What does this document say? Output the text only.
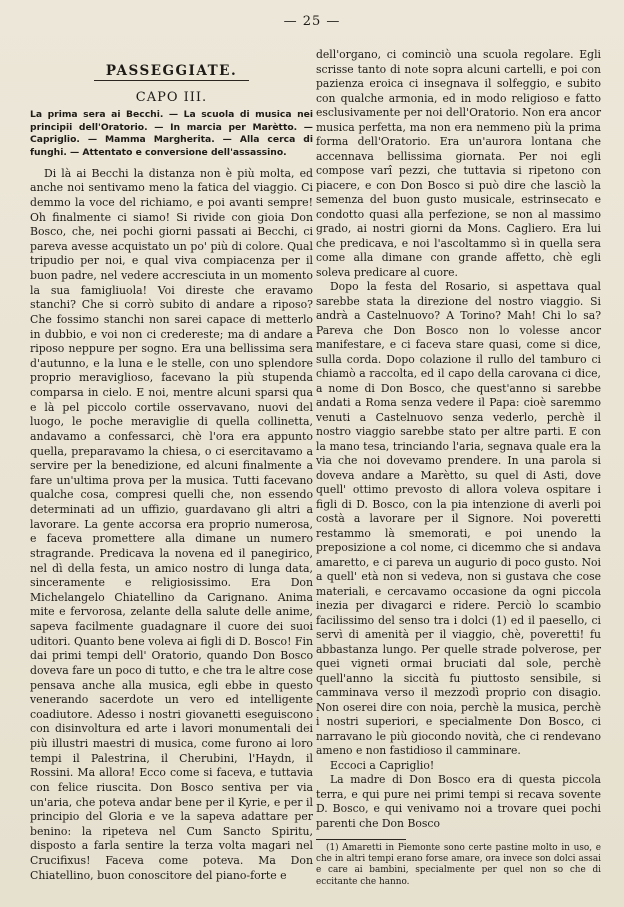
— 25 —
PASSEGGIATE.
CAPO III.
La prima sera ai Becchi. — La scuola di musica nei principii dell'Oratorio. — In marcia per Marètto. — Capriglio. — Mamma Margherita. — Alla cerca di funghi. — Attentato e conversione dell'assassino.

Di là ai Becchi la distanza non è più molta, ed anche noi sentivamo meno la fatica del viaggio. Ci demmo la voce del richiamo, e poi avanti sempre! Oh finalmente ci siamo! Si rivide con gioia Don Bosco, che, nei pochi giorni passati ai Becchi, ci pareva avesse acquistato un po' più di colore. Qual tripudio per noi, e qual viva compiacenza per il buon padre, nel vedere accresciuta in un momento la sua famigliuola! Voi direste che eravamo stanchi? Che si corrò subito di andare a riposo? Che fossimo stanchi non sarei capace di metterlo in dubbio, e voi non ci credereste; ma di andare a riposo neppure per sogno. Era una bellissima sera d'autunno, e la luna e le stelle, con uno splendore proprio meraviglioso, facevano la più stupenda comparsa in cielo. E noi, mentre alcuni sparsi qua e là pel piccolo cortile osservavano, nuovi del luogo, le poche meraviglie di quella collinetta, andavamo a confessarci, chè l'ora era appunto quella, preparavamo la chiesa, o ci esercitavamo a servire per la benedizione, ed alcuni finalmente a fare un'ultima prova per la musica. Tutti facevano qualche cosa, compresi quelli che, non essendo determinati ad un uffizio, guardavano gli altri a lavorare. La gente accorsa era proprio numerosa, e faceva promettere alla dimane un numero stragrande. Predicava la novena ed il panegirico, nel dì della festa, un amico nostro di lunga data, sinceramente e religiosissimo. Era Don Michelangelo Chiatellino da Carignano. Anima mite e fervorosa, zelante della salute delle anime, sapeva facilmente guadagnare il cuore dei suoi uditori. Quanto bene voleva ai figli di D. Bosco! Fin dai primi tempi dell' Oratorio, quando Don Bosco doveva fare un poco di tutto, e che tra le altre cose pensava anche alla musica, egli ebbe in questo venerando sacerdote un vero ed intelligente coadiutore. Adesso i nostri giovanetti eseguiscono con disinvoltura ed arte i lavori monumentali dei più illustri maestri di musica, come furono ai loro tempi il Palestrina, il Cherubini, l'Haydn, il Rossini. Ma allora! Ecco come si faceva, e tuttavia con felice riuscita. Don Bosco sentiva per via un'aria, che poteva andar bene per il Kyrie, e per il principio del Gloria e ve la sapeva adattare per benino: la ripeteva nel Cum Sancto Spiritu, disposto a farla sentire la terza volta magari nel Crucifixus! Faceva come poteva. Ma Don Chiatellino, buon conoscitore del piano-forte e

dell'organo, ci cominciò una scuola regolare. Egli scrisse tanto di note sopra alcuni cartelli, e poi con pazienza eroica ci insegnava il solfeggio, e subito con qualche armonia, ed in modo religioso e fatto esclusivamente per noi dell'Oratorio. Non era ancor musica perfetta, ma non era nemmeno più la prima forma dell'Oratorio. Era un'aurora lontana che accennava bellissima giornata. Per noi egli compose varî pezzi, che tuttavia si ripetono con piacere, e con Don Bosco si può dire che lasciò la semenza del buon gusto musicale, estrinsecato e condotto quasi alla perfezione, se non al massimo grado, ai nostri giorni da Mons. Cagliero. Era lui che predicava, e noi l'ascoltammo sì in quella sera come alla dimane con grande affetto, chè egli soleva predicare al cuore.

Dopo la festa del Rosario, si aspettava qual sarebbe stata la direzione del nostro viaggio. Si andrà a Castelnuovo? A Torino? Mah! Chi lo sa? Pareva che Don Bosco non lo volesse ancor manifestare, e ci faceva stare quasi, come si dice, sulla corda. Dopo colazione il rullo del tamburo ci chiamò a raccolta, ed il capo della carovana ci dice, a nome di Don Bosco, che quest'anno si sarebbe andati a Roma senza vedere il Papa: cioè saremmo venuti a Castelnuovo senza vederlo, perchè il nostro viaggio sarebbe stato per altre parti. E con la mano tesa, trinciando l'aria, segnava quale era la via che noi dovevamo prendere. In una parola si doveva andare a Marètto, su quel di Asti, dove quell' ottimo prevosto di allora voleva ospitare i figli di D. Bosco, con la pia intenzione di averli poi costà a lavorare per il Signore. Noi poveretti restammo là smemorati, e poi unendo la preposizione a col nome, ci dicemmo che si andava amaretto, e ci pareva un augurio di poco gusto. Noi a quell' età non si vedeva, non si gustava che cose materiali, e cercavamo occasione da ogni piccola inezia per divagarci e ridere. Perciò lo scambio facilissimo del senso tra i dolci (1) ed il paesello, ci servì di amenità per il viaggio, chè, poveretti! fu abbastanza lungo. Per quelle strade polverose, per quei vigneti ormai bruciati dal sole, perchè quell'anno la siccità fu piuttosto sensibile, si camminava verso il mezzodì proprio con disagio. Non oserei dire con noia, perchè la musica, perchè i nostri superiori, e specialmente Don Bosco, ci narravano le più giocondo novità, che ci rendevano ameno e non fastidioso il camminare.

Eccoci a Capriglio!

La madre di Don Bosco era di questa piccola terra, e qui pure nei primi tempi si recava sovente D. Bosco, e qui venivamo noi a trovare quei pochi parenti che Don Bosco

(1) Amaretti in Piemonte sono certe pastine molto in uso, e che in altri tempi erano forse amare, ora invece son dolci assai e care ai bambini, specialmente per quel non so che di eccitante che hanno.
